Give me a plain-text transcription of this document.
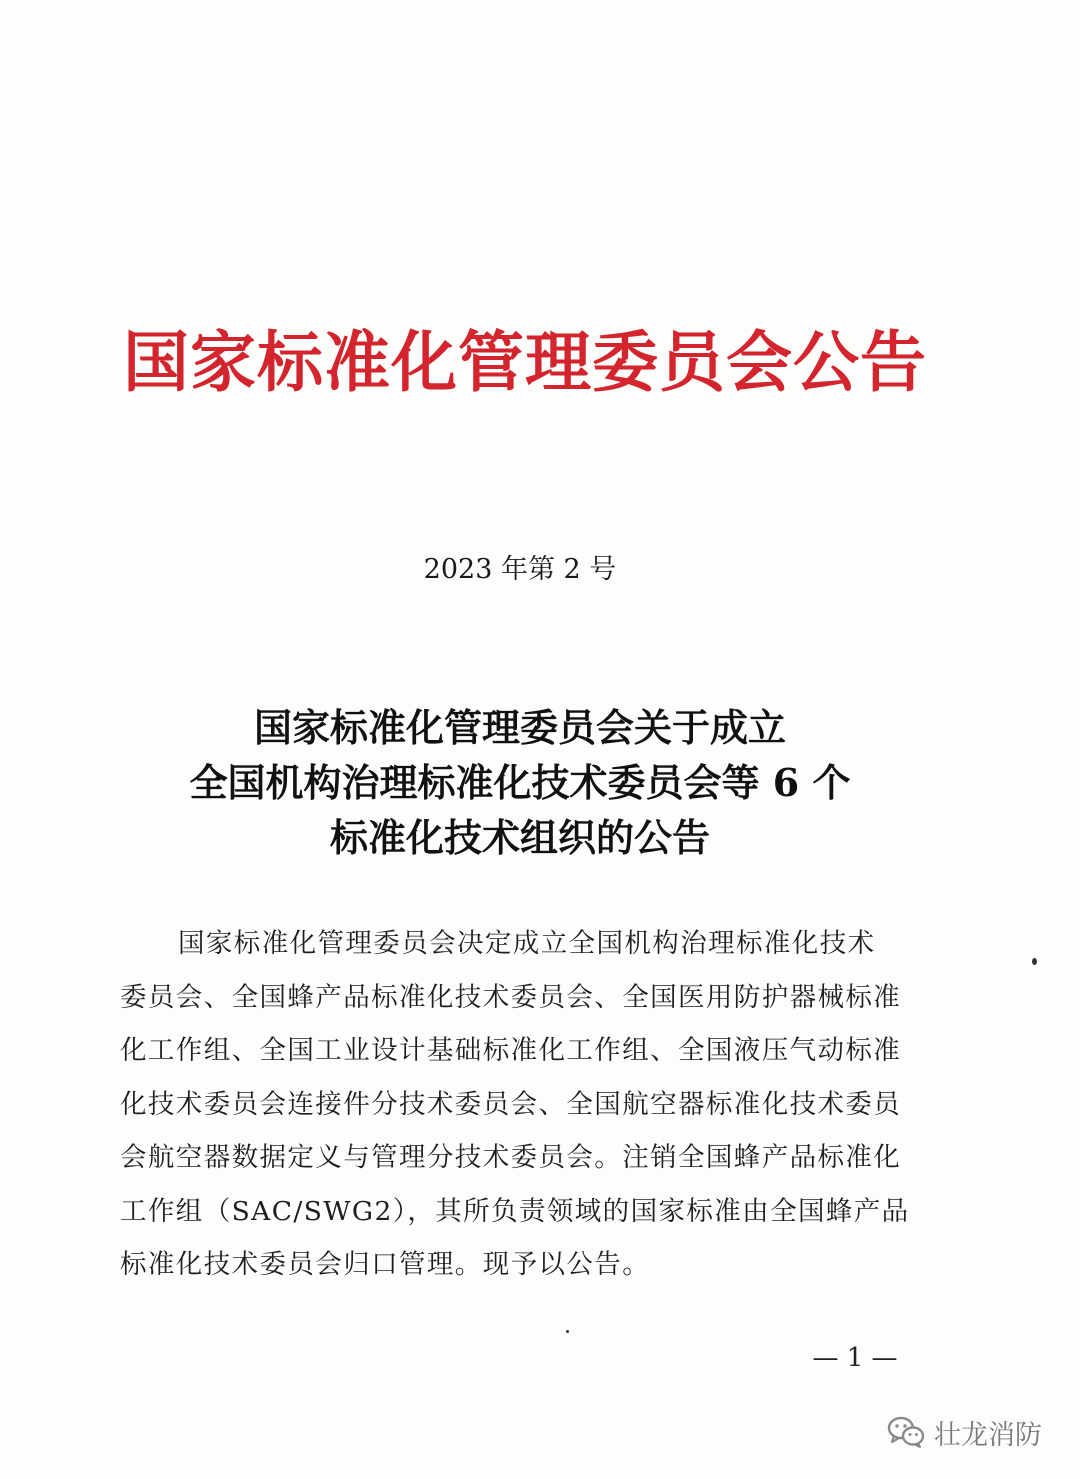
国家标准化管理委员会公告
2023 年第 2 号
国家标准化管理委员会关于成立
全国机构治理标准化技术委员会等 6 个
标准化技术组织的公告
国家标准化管理委员会决定成立全国机构治理标准化技术
委员会、全国蜂产品标准化技术委员会、全国医用防护器械标准
化工作组、全国工业设计基础标准化工作组、全国液压气动标准
化技术委员会连接件分技术委员会、全国航空器标准化技术委员
会航空器数据定义与管理分技术委员会。注销全国蜂产品标准化
工作组（SAC/SWG2），其所负责领域的国家标准由全国蜂产品
标准化技术委员会归口管理。现予以公告。
— 1 —
壮龙消防
